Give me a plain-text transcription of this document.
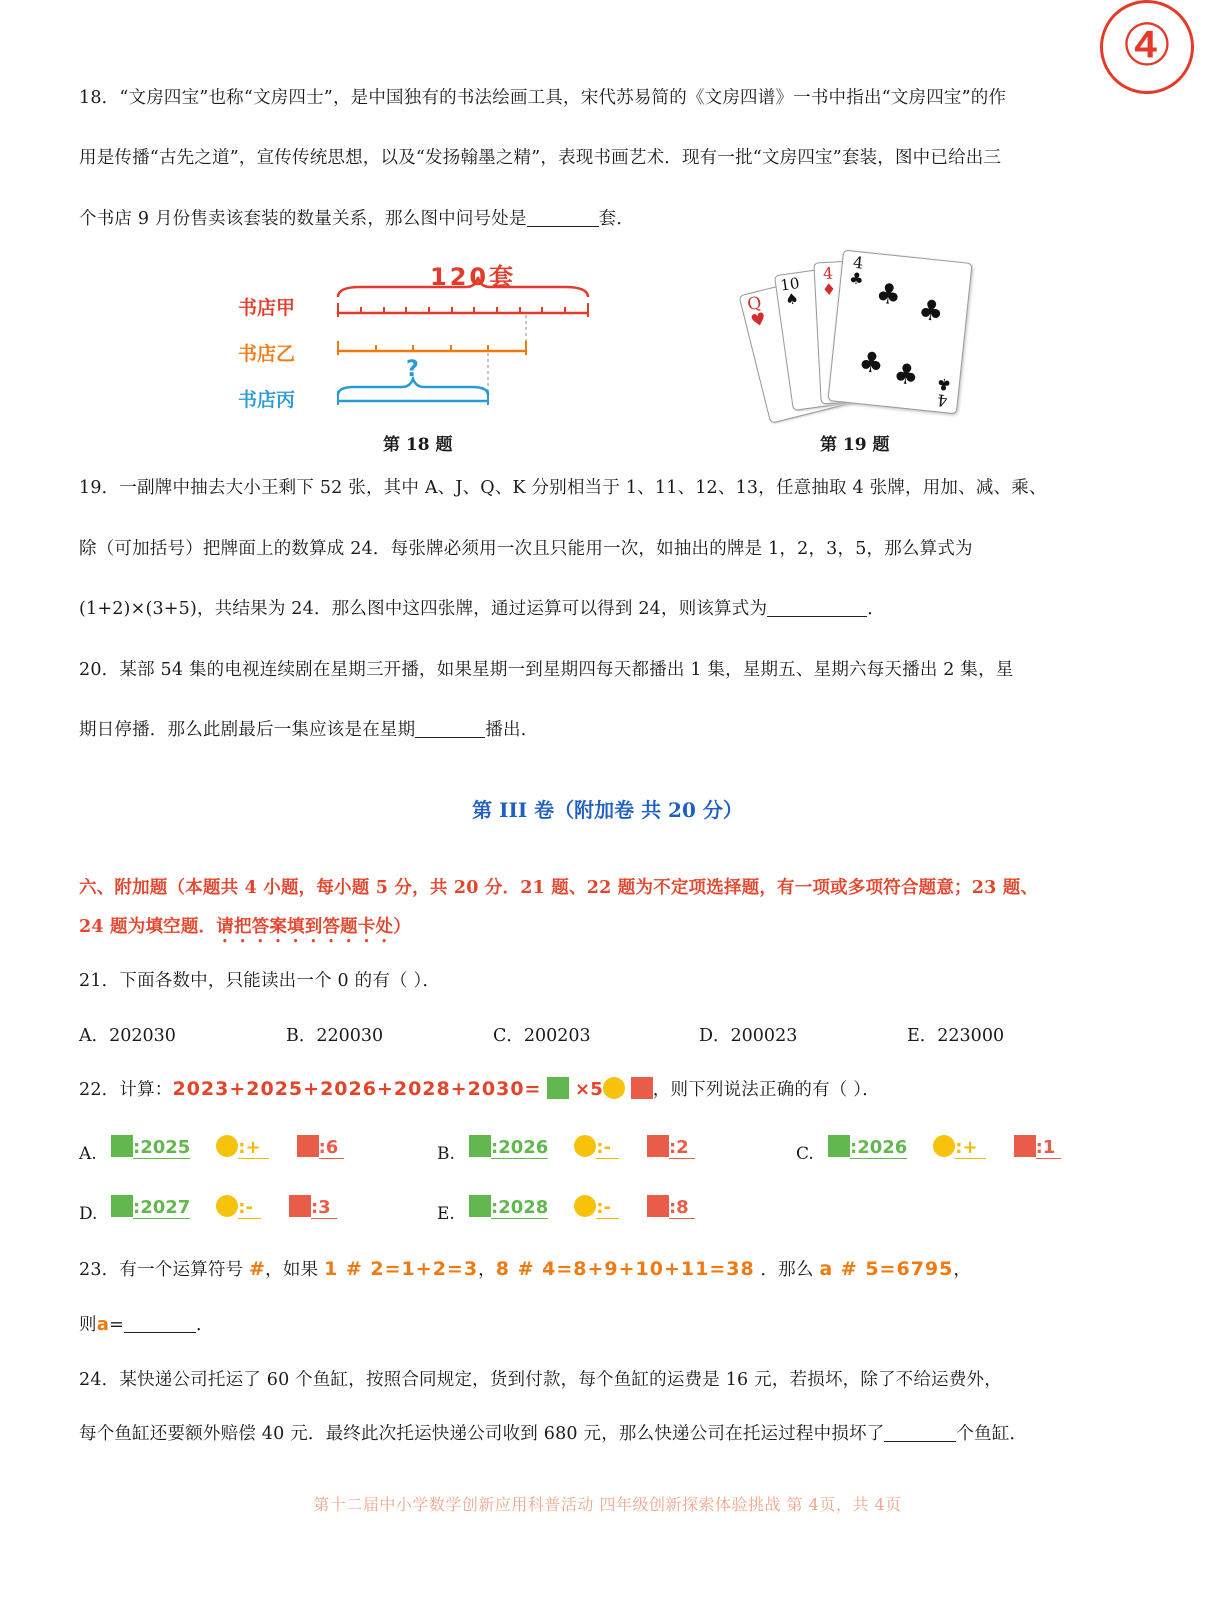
④
18．“文房四宝”也称“文房四士”，是中国独有的书法绘画工具，宋代苏易简的《文房四谱》一书中指出“文房四宝”的作
用是传播“古先之道”，宣传传统思想，以及“发扬翰墨之精”，表现书画艺术．现有一批“文房四宝”套装，图中已给出三
个书店 9 月份售卖该套装的数量关系，那么图中问号处是	套．
120套
书店甲
书店乙
书店丙
?
第 18 题
Q
♥
10
♠
4
♦
4
♣ ♣ ♣
♣ ♣
4
♣
第 19 题
19．一副牌中抽去大小王剩下 52 张，其中 A、J、Q、K 分别相当于 1、11、12、13，任意抽取 4 张牌，用加、减、乘、
除（可加括号）把牌面上的数算成 24．每张牌必须用一次且只能用一次，如抽出的牌是 1，2，3，5，那么算式为
(1+2)×(3+5)，共结果为 24．那么图中这四张牌，通过运算可以得到 24，则该算式为	．
20．某部 54 集的电视连续剧在星期三开播，如果星期一到星期四每天都播出 1 集，星期五、星期六每天播出 2 集，星
期日停播．那么此剧最后一集应该是在星期	播出．
第 III 卷（附加卷 共 20 分）
六、附加题（本题共 4 小题，每小题 5 分，共 20 分．21 题、22 题为不定项选择题，有一项或多项符合题意；23 题、
24 题为填空题．请把答案填到答题卡处）
21．下面各数中，只能读出一个 0 的有（ ）．
A．202030	B．220030	C．200203	D．200023	E．223000
22．计算：2023+2025+2026+2028+2030= ×5	，则下列说法正确的有（ ）．
A. :2025	:+	:6	B. :2026	:-	:2	C. :2026	:+	:1
D. :2027	:-	:3	E. :2028	:-	:8
23．有一个运算符号 #，如果 1 # 2=1+2=3，8 # 4=8+9+10+11=38 ．那么 a # 5=6795，
则a=	．
24．某快递公司托运了 60 个鱼缸，按照合同规定，货到付款，每个鱼缸的运费是 16 元，若损坏，除了不给运费外，
每个鱼缸还要额外赔偿 40 元．最终此次托运快递公司收到 680 元，那么快递公司在托运过程中损坏了	个鱼缸．
第十二届中小学数学创新应用科普活动 四年级创新探索体验挑战 第 4页，共 4页
